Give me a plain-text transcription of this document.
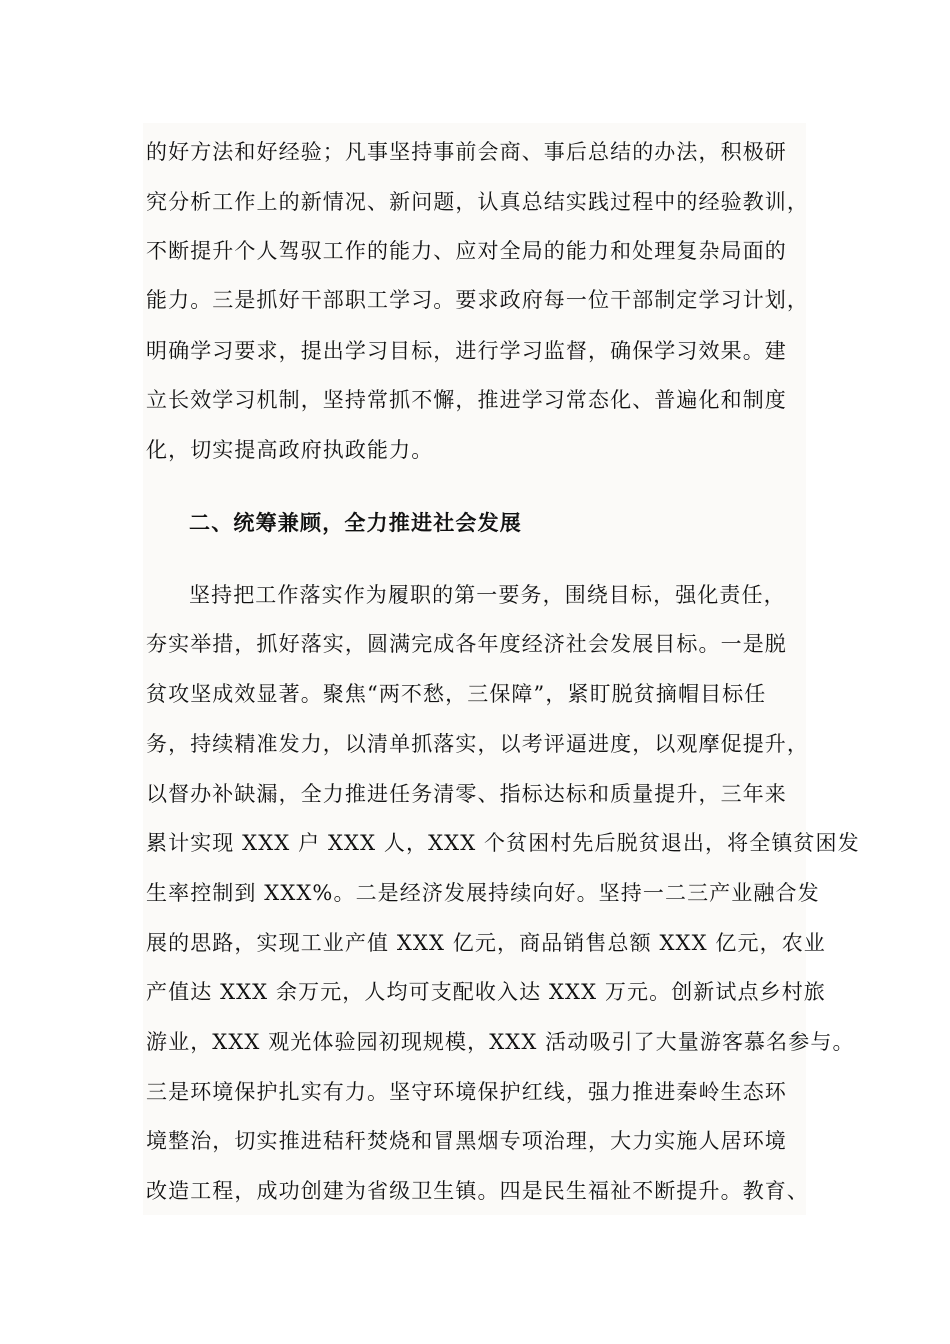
的好方法和好经验；凡事坚持事前会商、事后总结的办法，积极研
究分析工作上的新情况、新问题，认真总结实践过程中的经验教训，
不断提升个人驾驭工作的能力、应对全局的能力和处理复杂局面的
能力。三是抓好干部职工学习。要求政府每一位干部制定学习计划，
明确学习要求，提出学习目标，进行学习监督，确保学习效果。建
立长效学习机制，坚持常抓不懈，推进学习常态化、普遍化和制度
化，切实提高政府执政能力。
二、统筹兼顾，全力推进社会发展
坚持把工作落实作为履职的第一要务，围绕目标，强化责任，
夯实举措，抓好落实，圆满完成各年度经济社会发展目标。一是脱
贫攻坚成效显著。聚焦“两不愁，三保障”，紧盯脱贫摘帽目标任
务，持续精准发力，以清单抓落实，以考评逼进度，以观摩促提升，
以督办补缺漏，全力推进任务清零、指标达标和质量提升，三年来
累计实现 XXX 户 XXX 人，XXX 个贫困村先后脱贫退出，将全镇贫困发
生率控制到 XXX%。二是经济发展持续向好。坚持一二三产业融合发
展的思路，实现工业产值 XXX 亿元，商品销售总额 XXX 亿元，农业
产值达 XXX 余万元，人均可支配收入达 XXX 万元。创新试点乡村旅
游业，XXX 观光体验园初现规模，XXX 活动吸引了大量游客慕名参与。
三是环境保护扎实有力。坚守环境保护红线，强力推进秦岭生态环
境整治，切实推进秸秆焚烧和冒黑烟专项治理，大力实施人居环境
改造工程，成功创建为省级卫生镇。四是民生福祉不断提升。教育、
